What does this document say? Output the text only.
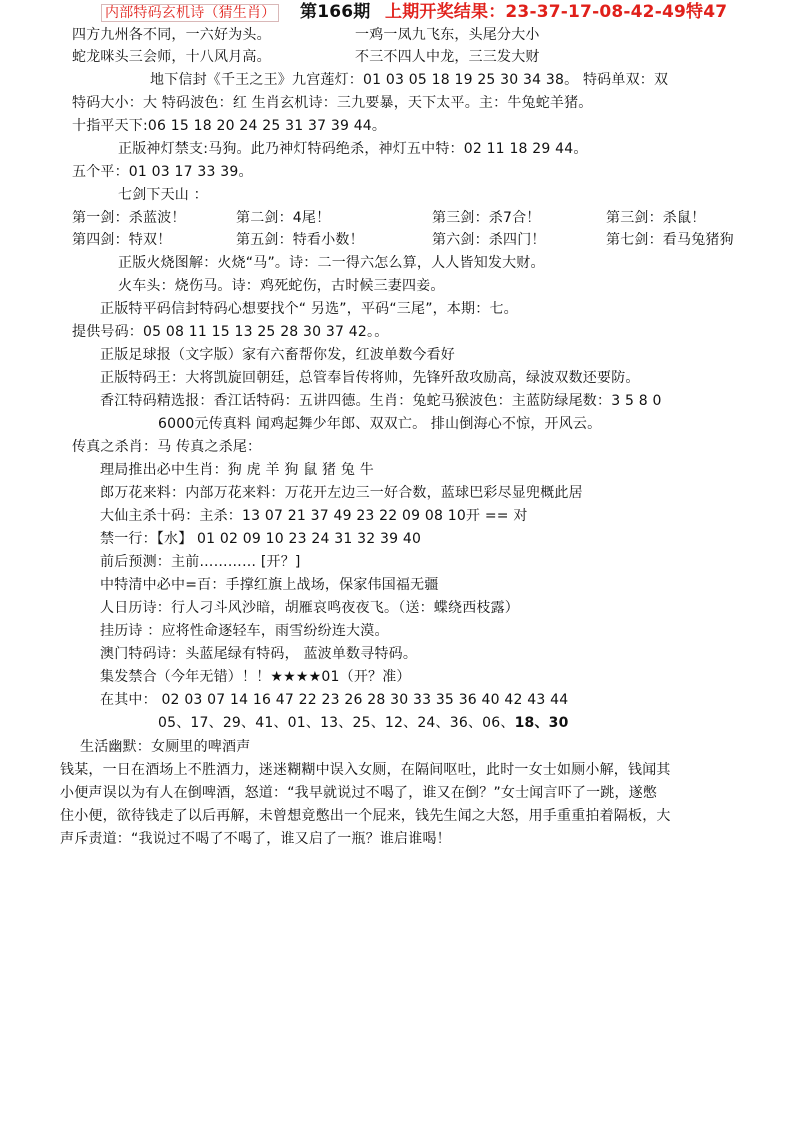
内部特码玄机诗（猜生肖） 第166期 上期开奖结果：23-37-17-08-42-49特47
四方九州各不同，一六好为头。	一鸡一凤九飞东，头尾分大小
蛇龙咪头三会师，十八风月高。	不三不四人中龙，三三发大财
地下信封《千王之王》九宫莲灯：01 03 05 18 19 25 30 34 38。 特码单双：双
特码大小：大 特码波色：红 生肖玄机诗：三九要暴，天下太平。主：牛兔蛇羊猪。
十指平天下:06 15 18 20 24 25 31 37 39 44。
正版神灯禁支:马狗。此乃神灯特码绝杀，神灯五中特：02 11 18 29 44。
五个平：01 03 17 33 39。
七剑下天山 ：
第一剑：杀蓝波！	第二剑：4尾！	第三剑：杀7合！	第三剑：杀鼠！
第四剑：特双！	第五剑：特看小数！	第六剑：杀四门！	第七剑：看马兔猪狗
正版火烧图解：火烧“马”。诗：二一得六怎么算，人人皆知发大财。
火车头：烧伤马。诗：鸡死蛇伤，古时候三妻四妾。
正版特平码信封特码心想要找个“ 另选”，平码“三尾”，本期：七。
提供号码：05 08 11 15 13 25 28 30 37 42。。
正版足球报（文字版）家有六畜帮你发，红波单数今看好
正版特码王：大将凯旋回朝廷，总管奉旨传将帅，先锋歼敌攻励高，绿波双数还要防。
香江特码精选报：香江话特码：五讲四德。生肖：兔蛇马猴波色：主蓝防绿尾数：3 5 8 0
6000元传真料 闻鸡起舞少年郎、双双亡。 排山倒海心不惊，开风云。
传真之杀肖：马 传真之杀尾：
理局推出必中生肖：狗 虎 羊 狗 鼠 猪 兔 牛
郎万花来料：内部万花来料：万花开左边三一好合数，蓝球巴彩尽显兜概此居
大仙主杀十码：主杀：13 07 21 37 49 23 22 09 08 10开 == 对
禁一行：【水】 01 02 09 10 23 24 31 32 39 40
前后预测：主前………… [开？]
中特清中必中=百：手撑红旗上战场，保家伟国福无疆
人日历诗：行人刁斗风沙暗，胡雁哀鸣夜夜飞。（送：蝶绕西枝露）
挂历诗 ：应将性命逐轻车，雨雪纷纷连大漠。
澳门特码诗：头蓝尾绿有特码， 蓝波单数寻特码。
集发禁合（今年无错）！！★★★★01（开？准）
在其中： 02 03 07 14 16 47 22 23 26 28 30 33 35 36 40 42 43 44
05、17、29、41、01、13、25、12、24、36、06、18、30
生活幽默：女厕里的啤酒声
钱某，一日在酒场上不胜酒力，迷迷糊糊中误入女厕，在隔间呕吐，此时一女士如厕小解，钱闻其
小便声误以为有人在倒啤酒，怒道：“我早就说过不喝了，谁又在倒？”女士闻言吓了一跳，遂憋
住小便，欲待钱走了以后再解，未曾想竟憋出一个屁来，钱先生闻之大怒，用手重重拍着隔板，大
声斥责道：“我说过不喝了不喝了，谁又启了一瓶？谁启谁喝！
